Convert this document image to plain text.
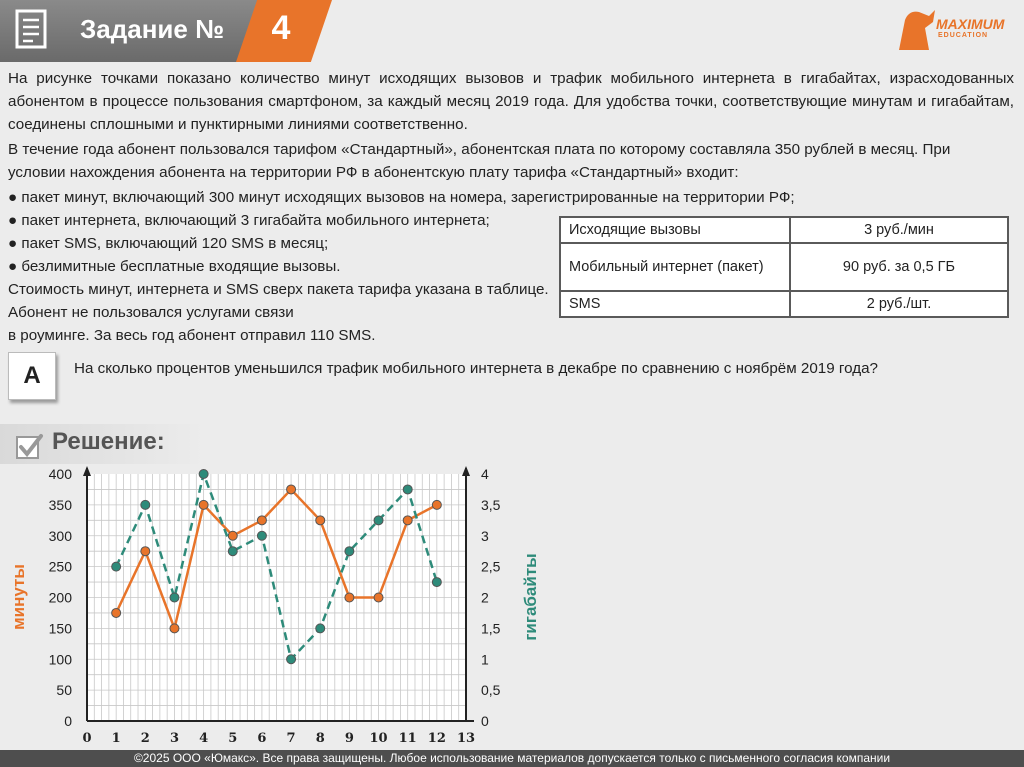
Задание №	4	MAXIMUM
EDUCATION
На рисунке точками показано количество минут исходящих вызовов и трафик мобильного интернета в гигабайтах, израсходованных абонентом в процессе пользования смартфоном, за каждый месяц 2019 года. Для удобства точки, соответствующие минутам и гигабайтам, соединены сплошными и пунктирными линиями соответственно.
В течение года абонент пользовался тарифом «Стандартный», абонентская плата по которому составляла 350 рублей в месяц. При
условии нахождения абонента на территории РФ в абонентскую плату тарифа «Стандартный» входит:
● пакет минут, включающий 300 минут исходящих вызовов на номера, зарегистрированные на территории РФ;
● пакет интернета, включающий 3 гигабайта мобильного интернета;
● пакет SMS, включающий 120 SMS в месяц;
● безлимитные бесплатные входящие вызовы.
Стоимость минут, интернета и SMS сверх пакета тарифа указана в таблице.
Абонент не пользовался услугами связи
в роуминге. За весь год абонент отправил 110 SMS.
Исходящие вызовы	3 руб./мин
Мобильный интернет (пакет)	90 руб. за 0,5 ГБ
SMS	2 руб./шт.
А	На сколько процентов уменьшился трафик мобильного интернета в декабре по сравнению с ноябрём 2019 года?
Решение:
0
50
100
150
200
250
300
350
400
0
0,5
1
1,5
2
2,5
3
3,5
4
0 1 2 3 4 5 6 7 8 9 10 11 12 13
минуты	гигабайты
©2025 ООО «Юмакс». Все права защищены. Любое использование материалов допускается только с письменного согласия компании
